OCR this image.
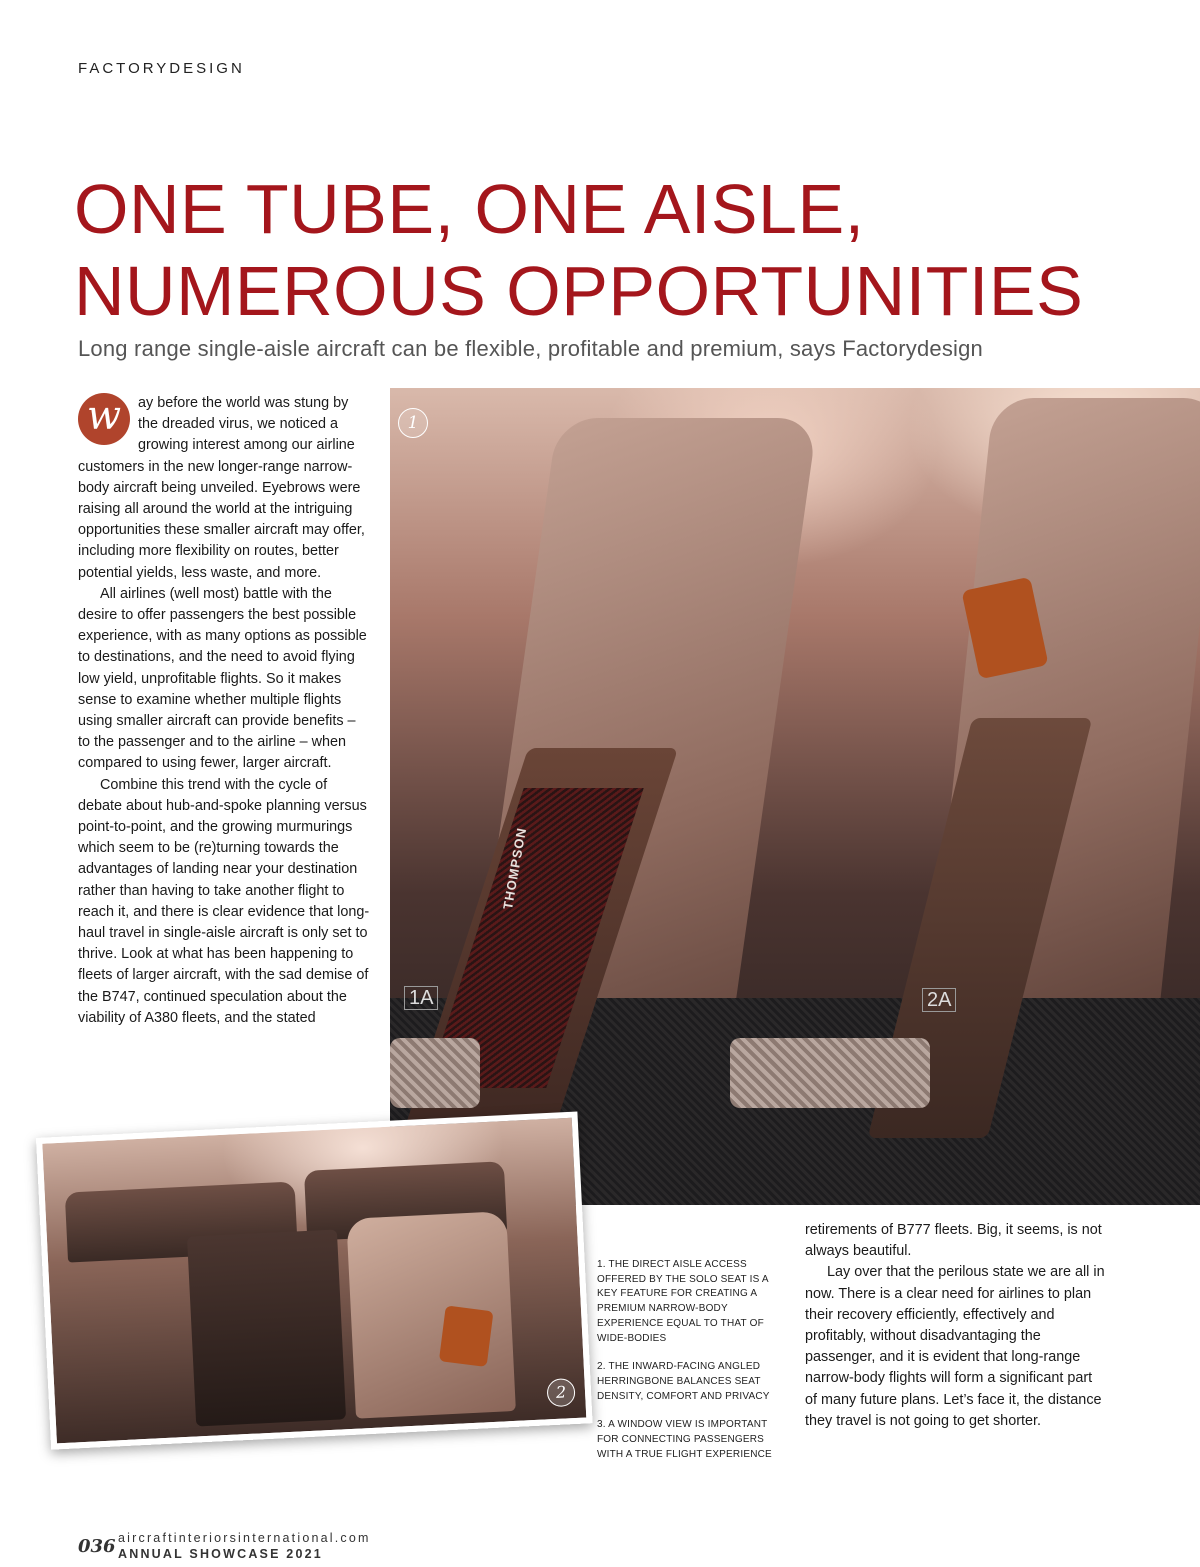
FACTORYDESIGN
ONE TUBE, ONE AISLE,
NUMEROUS OPPORTUNITIES
Long range single-aisle aircraft can be flexible, profitable and premium, says Factorydesign
w	ay before the world was stung by the dreaded virus, we noticed a growing interest among our airline customers in the new longer-range narrow-body aircraft being unveiled. Eyebrows were raising all around the world at the intriguing opportunities these smaller aircraft may offer, including more flexibility on routes, better potential yields, less waste, and more.

All airlines (well most) battle with the desire to offer passengers the best possible experience, with as many options as possible to destinations, and the need to avoid flying low yield, unprofitable flights. So it makes sense to examine whether multiple flights using smaller aircraft can provide benefits – to the passenger and to the airline – when compared to using fewer, larger aircraft.

Combine this trend with the cycle of debate about hub-and-spoke planning versus point-to-point, and the growing murmurings which seem to be (re)turning towards the advantages of landing near your destination rather than having to take another flight to reach it, and there is clear evidence that long-haul travel in single-aisle aircraft is only set to thrive. Look at what has been happening to fleets of larger aircraft, with the sad demise of the B747, continued speculation about the viability of A380 fleets, and the stated

THOMPSON
1A	2A
1
2

1. THE DIRECT AISLE ACCESS OFFERED BY THE SOLO SEAT IS A KEY FEATURE FOR CREATING A PREMIUM NARROW-BODY EXPERIENCE EQUAL TO THAT OF WIDE-BODIES

2. THE INWARD-FACING ANGLED HERRINGBONE BALANCES SEAT DENSITY, COMFORT AND PRIVACY

3. A WINDOW VIEW IS IMPORTANT FOR CONNECTING PASSENGERS WITH A TRUE FLIGHT EXPERIENCE

retirements of B777 fleets. Big, it seems, is not always beautiful.

Lay over that the perilous state we are all in now. There is a clear need for airlines to plan their recovery efficiently, effectively and profitably, without disadvantaging the passenger, and it is evident that long-range narrow-body flights will form a significant part of many future plans. Let’s face it, the distance they travel is not going to get shorter.

036 aircraftinteriorsinternational.com
ANNUAL SHOWCASE 2021
